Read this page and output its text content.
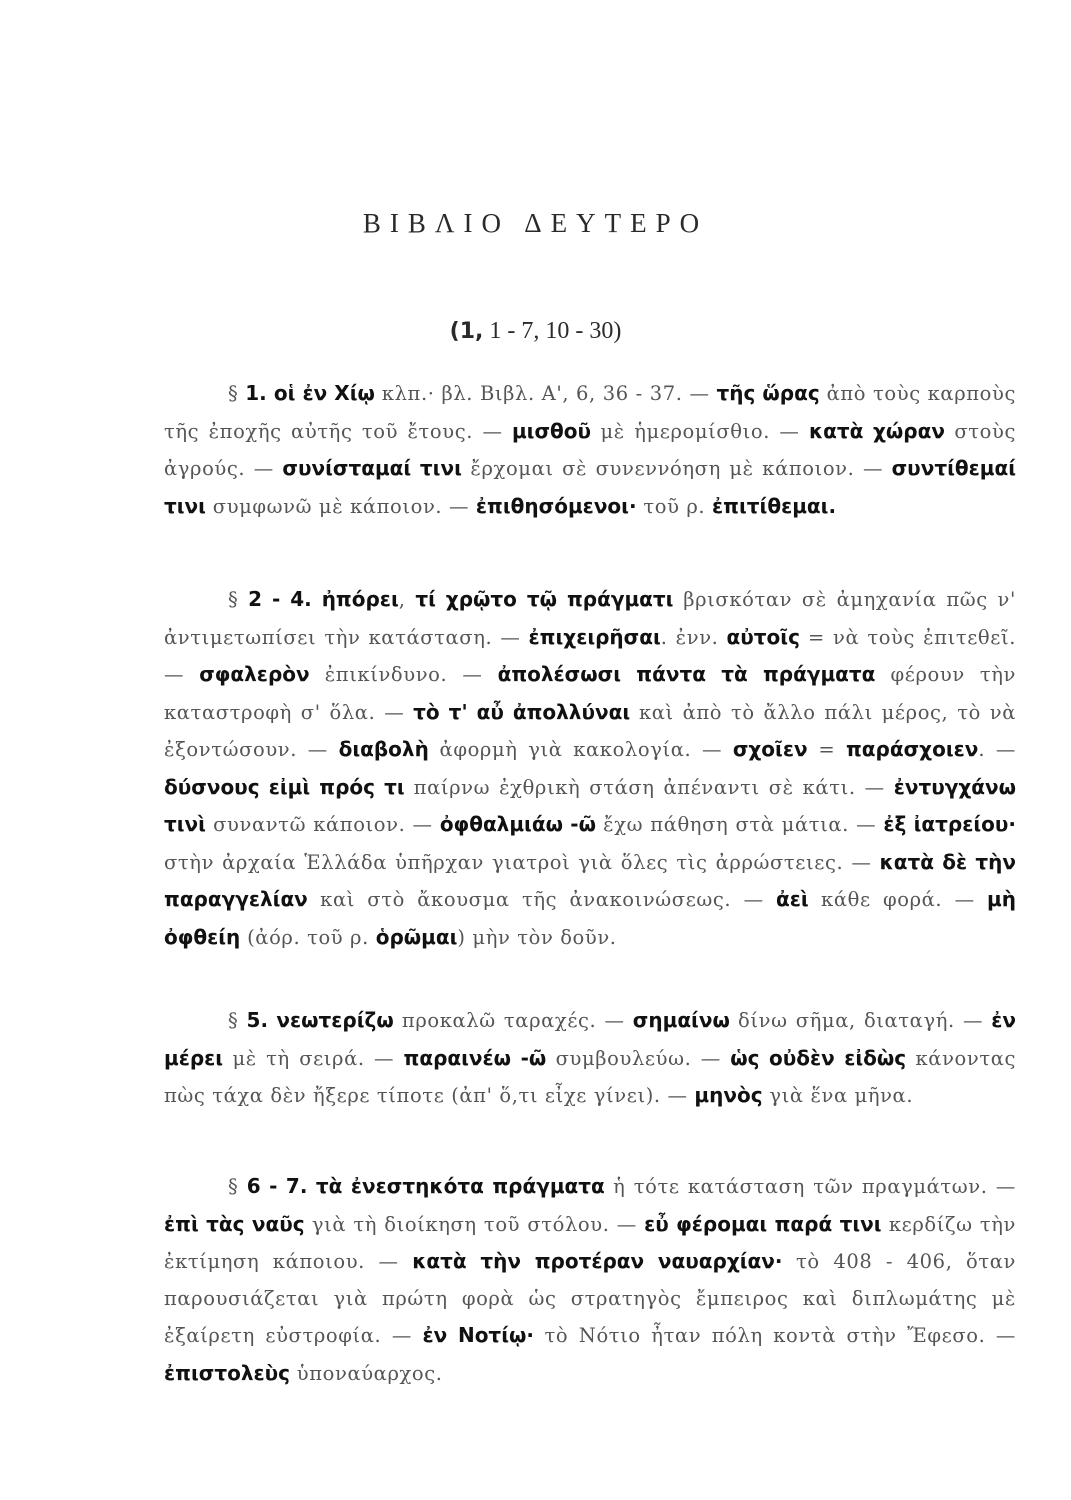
ΒΙΒΛΙΟ ΔΕΥΤΕΡΟ
(1, 1 - 7, 10 - 30)

§ 1. οἱ ἐν Χίῳ κλπ.· βλ. Βιβλ. Α', 6, 36 - 37. — τῆς ὥρας ἀπὸ τοὺς καρποὺς τῆς ἐποχῆς αὐτῆς τοῦ ἔτους. — μισθοῦ μὲ ἡμερομίσθιο. — κατὰ χώραν στοὺς ἀγρούς. — συνίσταμαί τινι ἔρχομαι σὲ συνεννόηση μὲ κάποιον. — συντίθεμαί τινι συμφωνῶ μὲ κάποιον. — ἐπιθησόμενοι· τοῦ ρ. ἐπιτίθεμαι.

§ 2 - 4. ἠπόρει, τί χρῷτο τῷ πράγματι βρισκόταν σὲ ἀμηχανία πῶς ν' ἀντιμετωπίσει τὴν κατάσταση. — ἐπιχειρῆσαι. ἐνν. αὐτοῖς = νὰ τοὺς ἐπιτεθεῖ. — σφαλερὸν ἐπικίνδυνο. — ἀπολέσωσι πάντα τὰ πράγματα φέρουν τὴν καταστροφὴ σ' ὅλα. — τὸ τ' αὖ ἀπολλύναι καὶ ἀπὸ τὸ ἄλλο πάλι μέρος, τὸ νὰ ἐξοντώσουν. — διαβολὴ ἀφορμὴ γιὰ κακολογία. — σχοῖεν = παράσχοιεν. — δύσνους εἰμὶ πρός τι παίρνω ἐχθρικὴ στάση ἀπέναντι σὲ κάτι. — ἐντυγχάνω τινὶ συναντῶ κάποιον. — ὀφθαλμιάω -ῶ ἔχω πάθηση στὰ μάτια. — ἐξ ἰατρείου· στὴν ἀρχαία Ἑλλάδα ὑπῆρχαν γιατροὶ γιὰ ὅλες τὶς ἀρρώστειες. — κατὰ δὲ τὴν παραγγελίαν καὶ στὸ ἄκουσμα τῆς ἀνακοινώσεως. — ἀεὶ κάθε φορά. — μὴ ὀφθείη (ἀόρ. τοῦ ρ. ὁρῶμαι) μὴν τὸν δοῦν.

§ 5. νεωτερίζω προκαλῶ ταραχές. — σημαίνω δίνω σῆμα, διαταγή. — ἐν μέρει μὲ τὴ σειρά. — παραινέω -ῶ συμβουλεύω. — ὡς οὐδὲν εἰδὼς κάνοντας πὼς τάχα δὲν ἤξερε τίποτε (ἀπ' ὅ,τι εἶχε γίνει). — μηνὸς γιὰ ἕνα μῆνα.

§ 6 - 7. τὰ ἐνεστηκότα πράγματα ἡ τότε κατάσταση τῶν πραγμάτων. — ἐπὶ τὰς ναῦς γιὰ τὴ διοίκηση τοῦ στόλου. — εὖ φέρομαι παρά τινι κερδίζω τὴν ἐκτίμηση κάποιου. — κατὰ τὴν προτέραν ναυαρχίαν· τὸ 408 - 406, ὅταν παρουσιάζεται γιὰ πρώτη φορὰ ὡς στρατηγὸς ἔμπειρος καὶ διπλωμάτης μὲ ἐξαίρετη εὐστροφία. — ἐν Νοτίῳ· τὸ Νότιο ἦταν πόλη κοντὰ στὴν Ἔφεσο. — ἐπιστολεὺς ὑποναύαρχος.
